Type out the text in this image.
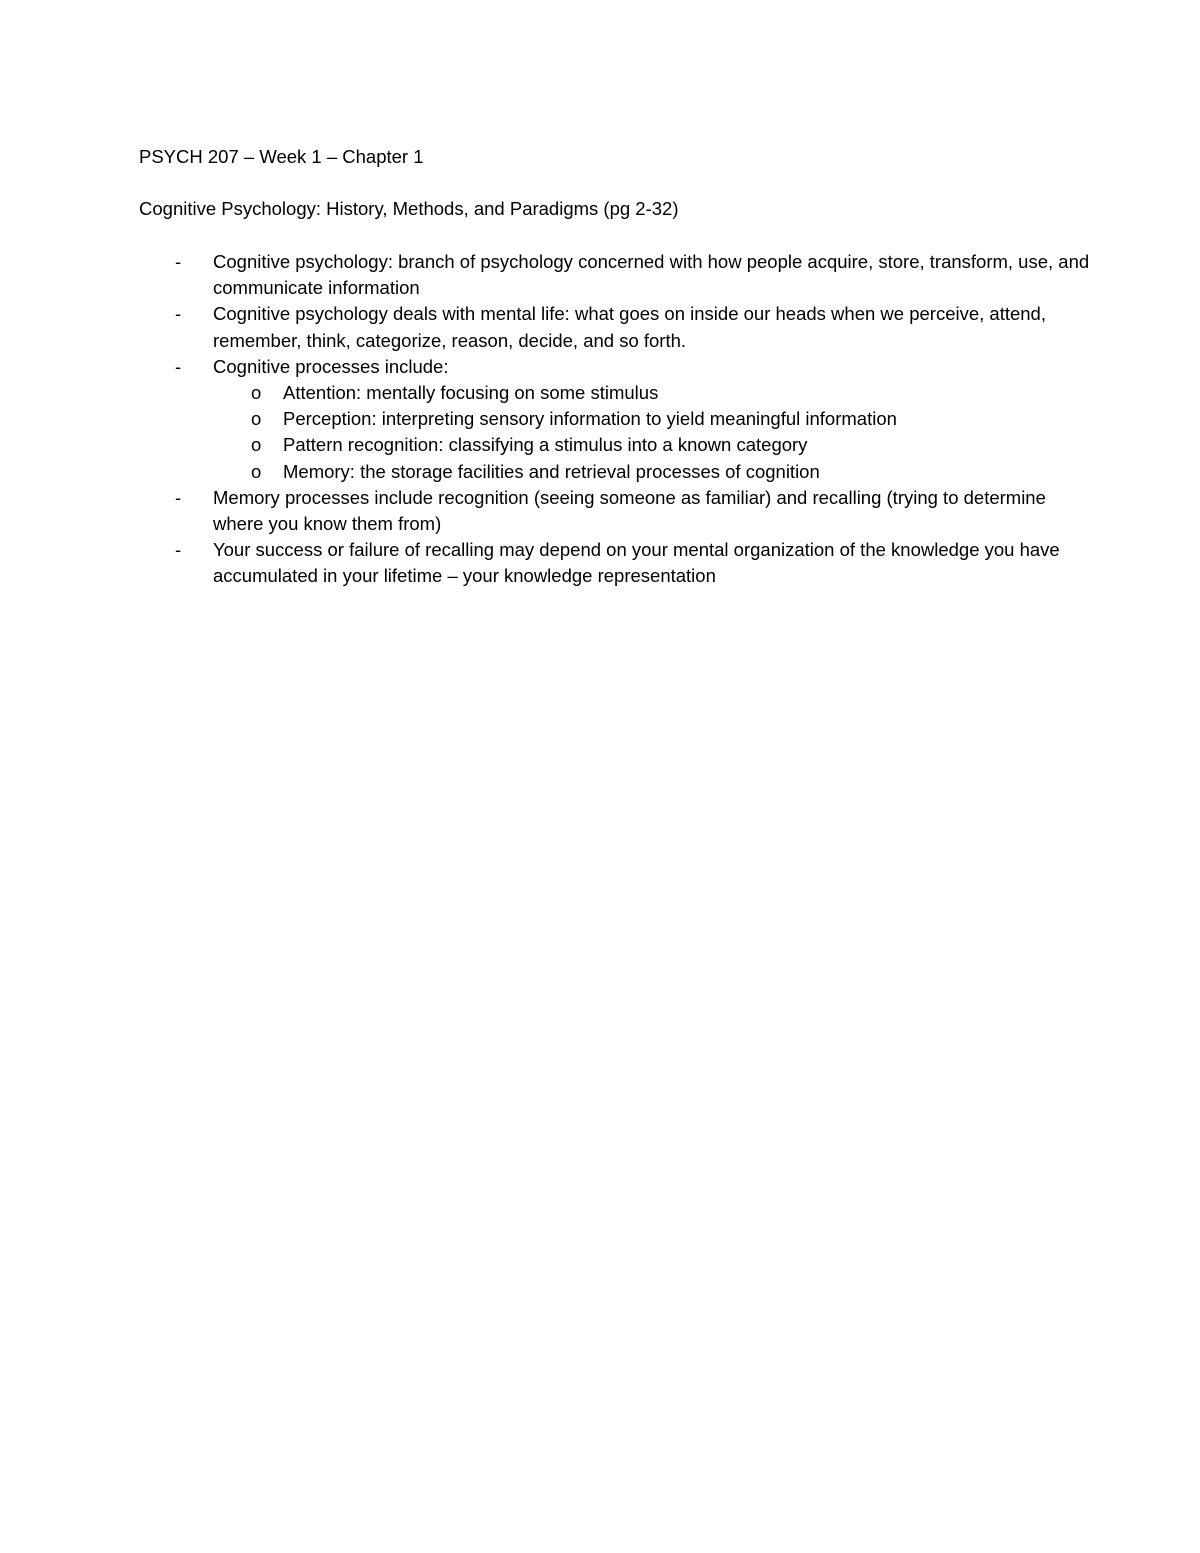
PSYCH 207 – Week 1 – Chapter 1
Cognitive Psychology: History, Methods, and Paradigms (pg 2-32)
- Cognitive psychology: branch of psychology concerned with how people acquire, store, transform, use, and communicate information
- Cognitive psychology deals with mental life: what goes on inside our heads when we perceive, attend, remember, think, categorize, reason, decide, and so forth.
- Cognitive processes include:
o Attention: mentally focusing on some stimulus
o Perception: interpreting sensory information to yield meaningful information
o Pattern recognition: classifying a stimulus into a known category
o Memory: the storage facilities and retrieval processes of cognition
- Memory processes include recognition (seeing someone as familiar) and recalling (trying to determine where you know them from)
- Your success or failure of recalling may depend on your mental organization of the knowledge you have accumulated in your lifetime – your knowledge representation
